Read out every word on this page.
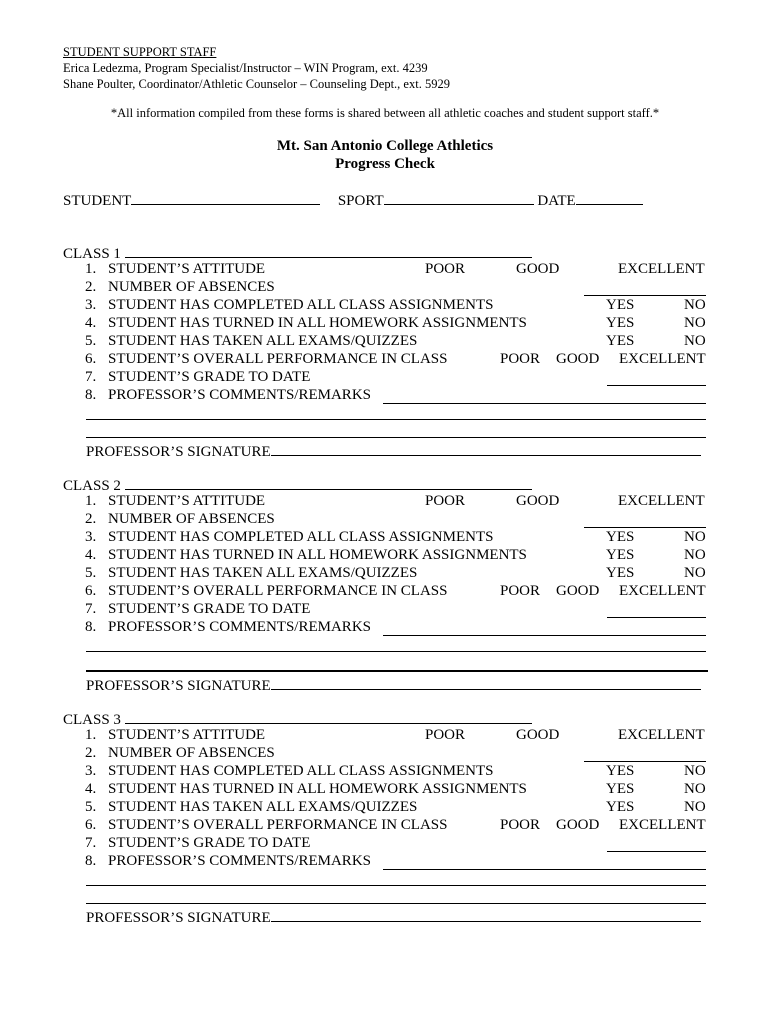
STUDENT SUPPORT STAFF
Erica Ledezma, Program Specialist/Instructor – WIN Program, ext. 4239
Shane Poulter, Coordinator/Athletic Counselor – Counseling Dept., ext. 5929
*All information compiled from these forms is shared between all athletic coaches and student support staff.*
Mt. San Antonio College Athletics
Progress Check
STUDENT	SPORT	DATE
CLASS 1
1. STUDENT’S ATTITUDE	POOR	GOOD	EXCELLENT
2. NUMBER OF ABSENCES
3. STUDENT HAS COMPLETED ALL CLASS ASSIGNMENTS	YES	NO
4. STUDENT HAS TURNED IN ALL HOMEWORK ASSIGNMENTS	YES	NO
5. STUDENT HAS TAKEN ALL EXAMS/QUIZZES	YES	NO
6. STUDENT’S OVERALL PERFORMANCE IN CLASS	POOR GOOD EXCELLENT
7. STUDENT’S GRADE TO DATE
8. PROFESSOR’S COMMENTS/REMARKS
PROFESSOR’S SIGNATURE
CLASS 2
1. STUDENT’S ATTITUDE	POOR	GOOD	EXCELLENT
2. NUMBER OF ABSENCES
3. STUDENT HAS COMPLETED ALL CLASS ASSIGNMENTS	YES	NO
4. STUDENT HAS TURNED IN ALL HOMEWORK ASSIGNMENTS	YES	NO
5. STUDENT HAS TAKEN ALL EXAMS/QUIZZES	YES	NO
6. STUDENT’S OVERALL PERFORMANCE IN CLASS	POOR GOOD EXCELLENT
7. STUDENT’S GRADE TO DATE
8. PROFESSOR’S COMMENTS/REMARKS
PROFESSOR’S SIGNATURE
CLASS 3
1. STUDENT’S ATTITUDE	POOR	GOOD	EXCELLENT
2. NUMBER OF ABSENCES
3. STUDENT HAS COMPLETED ALL CLASS ASSIGNMENTS	YES	NO
4. STUDENT HAS TURNED IN ALL HOMEWORK ASSIGNMENTS	YES	NO
5. STUDENT HAS TAKEN ALL EXAMS/QUIZZES	YES	NO
6. STUDENT’S OVERALL PERFORMANCE IN CLASS	POOR GOOD EXCELLENT
7. STUDENT’S GRADE TO DATE
8. PROFESSOR’S COMMENTS/REMARKS
PROFESSOR’S SIGNATURE
